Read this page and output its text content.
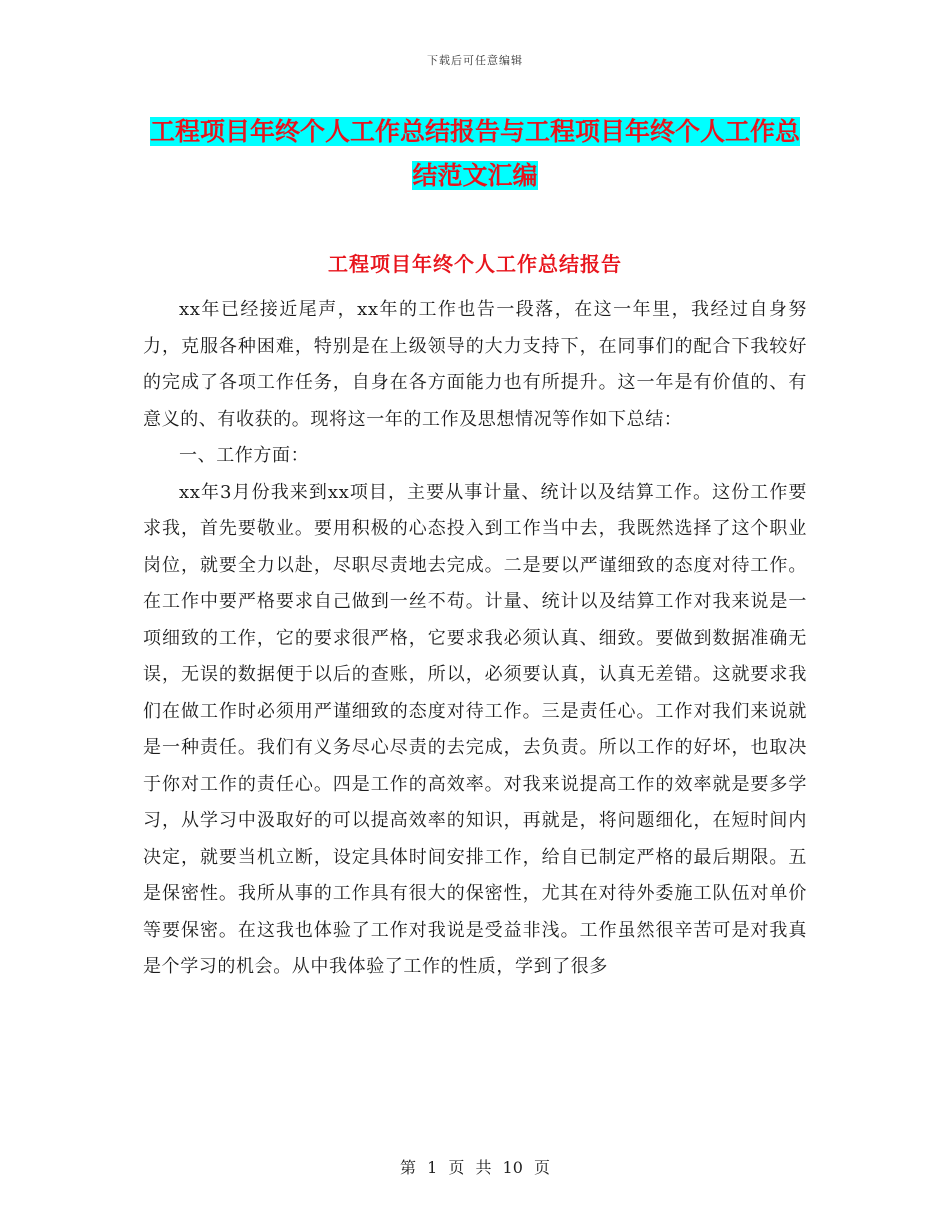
下载后可任意编辑
工程项目年终个人工作总结报告与工程项目年终个人工作总结范文汇编
工程项目年终个人工作总结报告

xx年已经接近尾声，xx年的工作也告一段落，在这一年里，我经过自身努力，克服各种困难，特别是在上级领导的大力支持下，在同事们的配合下我较好的完成了各项工作任务，自身在各方面能力也有所提升。这一年是有价值的、有意义的、有收获的。现将这一年的工作及思想情况等作如下总结：

一、工作方面：

xx年3月份我来到xx项目，主要从事计量、统计以及结算工作。这份工作要求我，首先要敬业。要用积极的心态投入到工作当中去，我既然选择了这个职业岗位，就要全力以赴，尽职尽责地去完成。二是要以严谨细致的态度对待工作。在工作中要严格要求自己做到一丝不苟。计量、统计以及结算工作对我来说是一项细致的工作，它的要求很严格，它要求我必须认真、细致。要做到数据准确无误，无误的数据便于以后的查账，所以，必须要认真，认真无差错。这就要求我们在做工作时必须用严谨细致的态度对待工作。三是责任心。工作对我们来说就是一种责任。我们有义务尽心尽责的去完成，去负责。所以工作的好坏，也取决于你对工作的责任心。四是工作的高效率。对我来说提高工作的效率就是要多学习，从学习中汲取好的可以提高效率的知识，再就是，将问题细化，在短时间内决定，就要当机立断，设定具体时间安排工作，给自已制定严格的最后期限。五是保密性。我所从事的工作具有很大的保密性，尤其在对待外委施工队伍对单价等要保密。在这我也体验了工作对我说是受益非浅。工作虽然很辛苦可是对我真是个学习的机会。从中我体验了工作的性质，学到了很多

第 1 页 共 10 页
